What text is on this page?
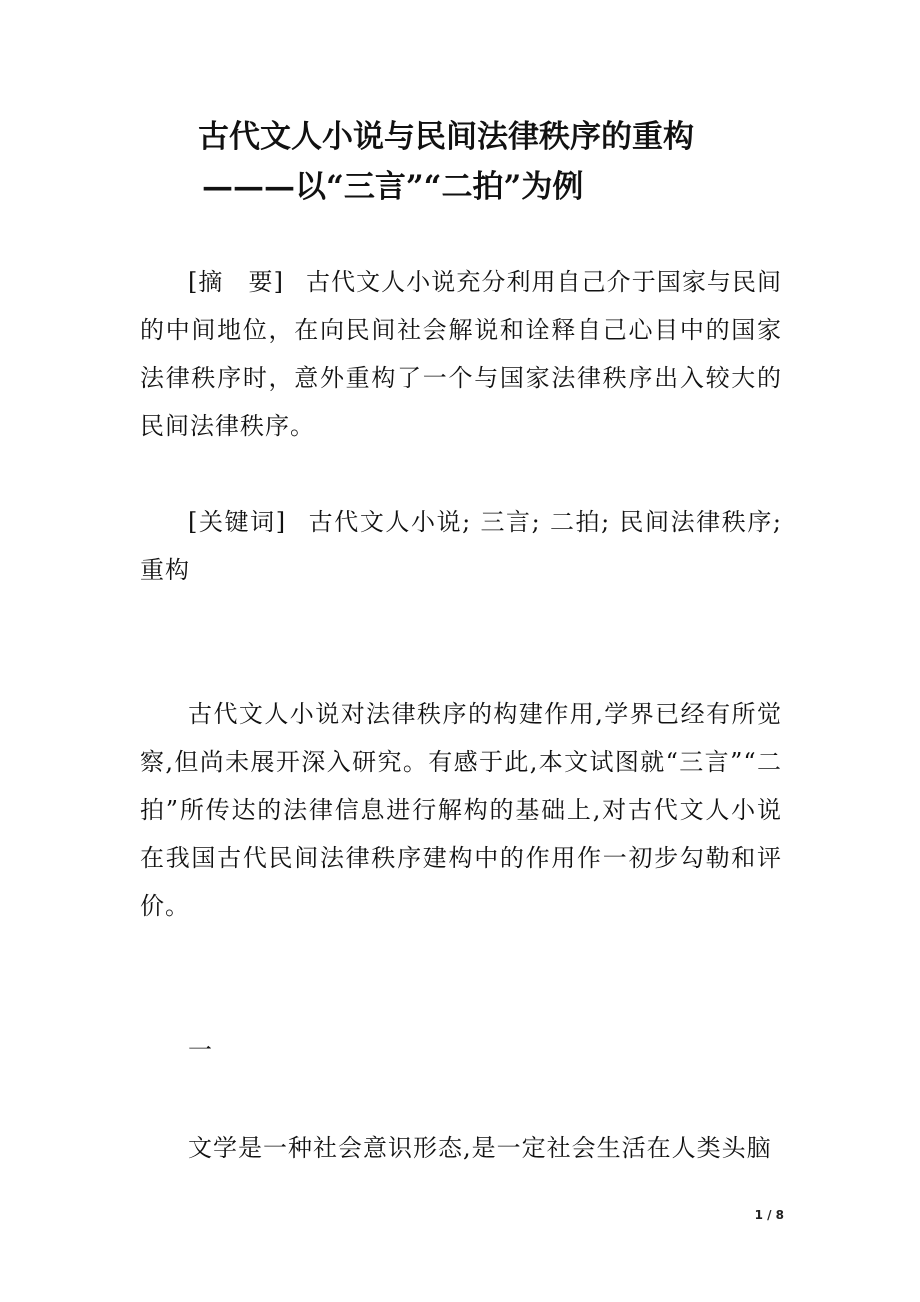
古代文人小说与民间法律秩序的重构
———以“三言”“二拍”为例
[摘　要] 古代文人小说充分利用自己介于国家与民间的中间地位，在向民间社会解说和诠释自己心目中的国家法律秩序时，意外重构了一个与国家法律秩序出入较大的民间法律秩序。
[关键词] 古代文人小说; 三言; 二拍; 民间法律秩序; 重构
古代文人小说对法律秩序的构建作用,学界已经有所觉察,但尚未展开深入研究。有感于此,本文试图就“三言”“二拍”所传达的法律信息进行解构的基础上,对古代文人小说在我国古代民间法律秩序建构中的作用作一初步勾勒和评价。
一
文学是一种社会意识形态,是一定社会生活在人类头脑
1 / 8
